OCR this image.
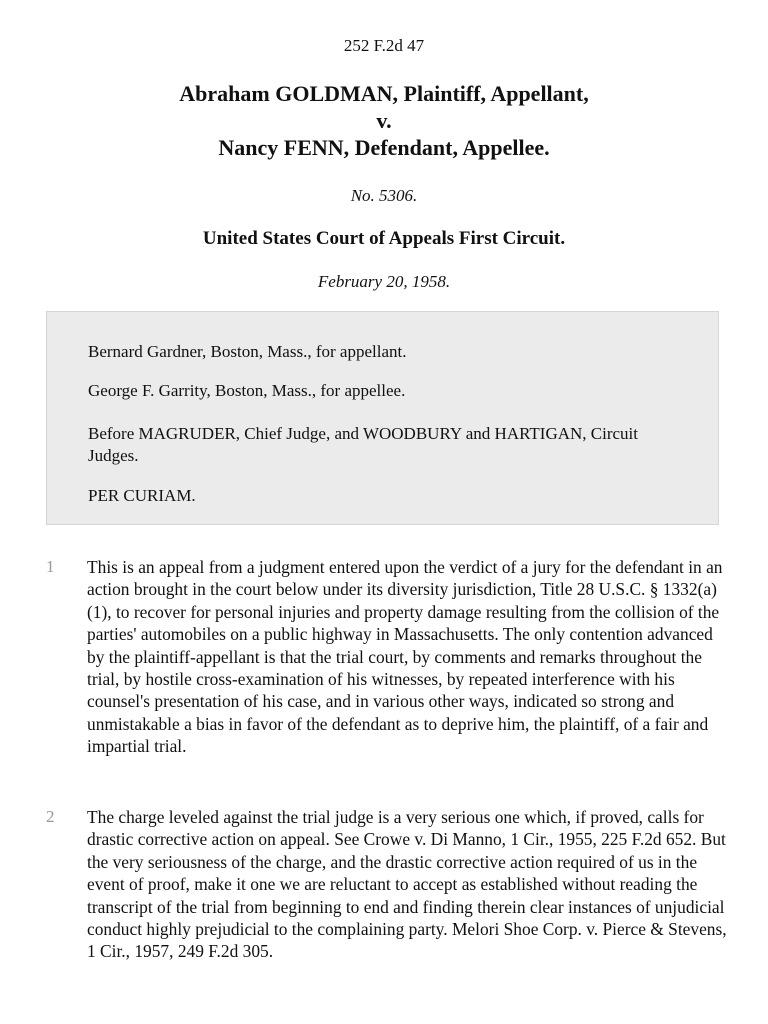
252 F.2d 47
Abraham GOLDMAN, Plaintiff, Appellant,
v.
Nancy FENN, Defendant, Appellee.
No. 5306.
United States Court of Appeals First Circuit.
February 20, 1958.
Bernard Gardner, Boston, Mass., for appellant.
George F. Garrity, Boston, Mass., for appellee.
Before MAGRUDER, Chief Judge, and WOODBURY and HARTIGAN, Circuit Judges.
PER CURIAM.
1 This is an appeal from a judgment entered upon the verdict of a jury for the defendant in an action brought in the court below under its diversity jurisdiction, Title 28 U.S.C. § 1332(a) (1), to recover for personal injuries and property damage resulting from the collision of the parties' automobiles on a public highway in Massachusetts. The only contention advanced by the plaintiff-appellant is that the trial court, by comments and remarks throughout the trial, by hostile cross-examination of his witnesses, by repeated interference with his counsel's presentation of his case, and in various other ways, indicated so strong and unmistakable a bias in favor of the defendant as to deprive him, the plaintiff, of a fair and impartial trial.

2 The charge leveled against the trial judge is a very serious one which, if proved, calls for drastic corrective action on appeal. See Crowe v. Di Manno, 1 Cir., 1955, 225 F.2d 652. But the very seriousness of the charge, and the drastic corrective action required of us in the event of proof, make it one we are reluctant to accept as established without reading the transcript of the trial from beginning to end and finding therein clear instances of unjudicial conduct highly prejudicial to the complaining party. Melori Shoe Corp. v. Pierce & Stevens, 1 Cir., 1957, 249 F.2d 305.
